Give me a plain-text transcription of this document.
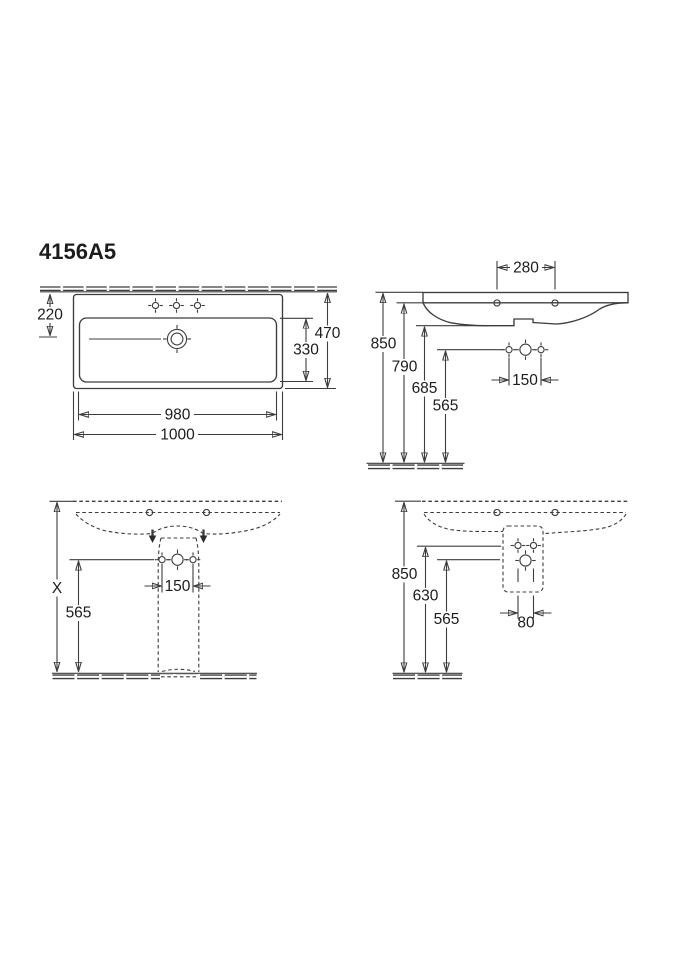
4156A5
220
470
330
980
1000
280
150
850
790
685
565
X
565
150
80
850
630
565
